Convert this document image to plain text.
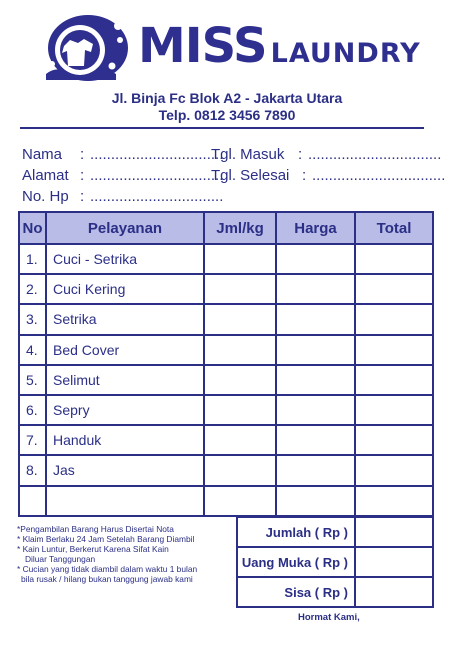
MISS LAUNDRY
Jl. Binja Fc Blok A2 - Jakarta Utara
Telp. 0812 3456 7890
Nama : ................................
Tgl. Masuk : ................................
Alamat : ................................
Tgl. Selesai : ................................
No. Hp : ................................
No	Pelayanan	Jml/kg	Harga	Total
1.	Cuci - Setrika			
2.	Cuci Kering			
3.	Setrika			
4.	Bed Cover			
5.	Selimut			
6.	Sepry			
7.	Handuk			
8.	Jas			

*Pengambilan Barang Harus Disertai Nota
* Klaim Berlaku 24 Jam Setelah Barang Diambil
* Kain Luntur, Berkerut Karena Sifat Kain
Diluar Tanggungan
* Cucian yang tidak diambil dalam waktu 1 bulan
bila rusak / hilang bukan tanggung jawab kami
Jumlah ( Rp )	
Uang Muka ( Rp )	
Sisa ( Rp )	
Hormat Kami,
